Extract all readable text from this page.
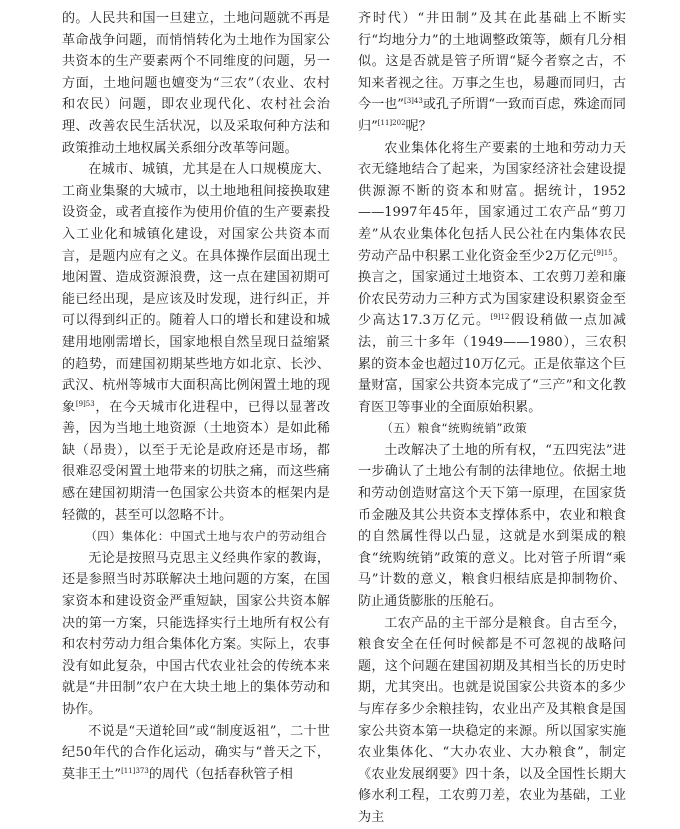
的。人民共和国一旦建立，土地问题就不再是革命战争问题，而悄悄转化为土地作为国家公共资本的生产要素两个不同维度的问题，另一方面，土地问题也嬗变为“三农”（农业、农村和农民）问题，即农业现代化、农村社会治理、改善农民生活状况，以及采取何种方法和政策推动土地权属关系细分改革等问题。

在城市、城镇，尤其是在人口规模庞大、工商业集聚的大城市，以土地地租间接换取建设资金，或者直接作为使用价值的生产要素投入工业化和城镇化建设，对国家公共资本而言，是题内应有之义。在具体操作层面出现土地闲置、造成资源浪费，这一点在建国初期可能已经出现，是应该及时发现，进行纠正，并可以得到纠正的。随着人口的增长和建设和城建用地刚需增长，国家地根自然呈现日益缩紧的趋势，而建国初期某些地方如北京、长沙、武汉、杭州等城市大面积高比例闲置土地的现象$^{[9]53}$，在今天城市化进程中，已得以显著改善，因为当地土地资源（土地资本）是如此稀缺（昂贵），以至于无论是政府还是市场，都很难忍受闲置土地带来的切肤之痛，而这些痛感在建国初期清一色国家公共资本的框架内是轻微的，甚至可以忽略不计。

（四）集体化：中国式土地与农户的劳动组合

无论是按照马克思主义经典作家的教诲，还是参照当时苏联解决土地问题的方案，在国家资本和建设资金严重短缺，国家公共资本解决的第一方案，只能选择实行土地所有权公有和农村劳动力组合集体化方案。实际上，农事没有如此复杂，中国古代农业社会的传统本来就是“井田制”农户在大块土地上的集体劳动和协作。

不说是“天道轮回”或“制度返祖”，二十世纪50年代的合作化运动，确实与“普天之下，莫非王土”$^{[11]373}$的周代（包括春秋管子相

齐时代）“井田制”及其在此基础上不断实行“均地分力”的土地调整政策等，颇有几分相似。这是否就是管子所谓“疑今者察之古，不知来者视之往。万事之生也，易趣而同归，古今一也”$^{[3]43}$或孔子所谓“一致而百虑，殊途而同归”$^{[11]202}$呢？

农业集体化将生产要素的土地和劳动力天衣无缝地结合了起来，为国家经济社会建设提供源源不断的资本和财富。据统计，1952——1997年45年，国家通过工农产品“剪刀差”从农业集体化包括人民公社在内集体农民劳动产品中积累工业化资金至少2万亿元$^{[9]15}$。换言之，国家通过土地资本、工农剪刀差和廉价农民劳动力三种方式为国家建设积累资金至少高达17.3万亿元。$^{[9]12}$假设稍做一点加减法，前三十多年（1949——1980），三农积累的资本金也超过10万亿元。正是依靠这个巨量财富，国家公共资本完成了“三产”和文化教育医卫等事业的全面原始积累。

（五）粮食“统购统销”政策

土改解决了土地的所有权，“五四宪法”进一步确认了土地公有制的法律地位。依据土地和劳动创造财富这个天下第一原理，在国家货币金融及其公共资本支撑体系中，农业和粮食的自然属性得以凸显，这就是水到渠成的粮食“统购统销”政策的意义。比对管子所谓“乘马”计数的意义，粮食归根结底是抑制物价、防止通货膨胀的压舱石。

工农产品的主干部分是粮食。自古至今，粮食安全在任何时候都是不可忽视的战略问题，这个问题在建国初期及其相当长的历史时期，尤其突出。也就是说国家公共资本的多少与库存多少余粮挂钩，农业出产及其粮食是国家公共资本第一块稳定的来源。所以国家实施农业集体化、“大办农业、大办粮食”，制定《农业发展纲要》四十条，以及全国性长期大修水利工程，工农剪刀差，农业为基础，工业为主
